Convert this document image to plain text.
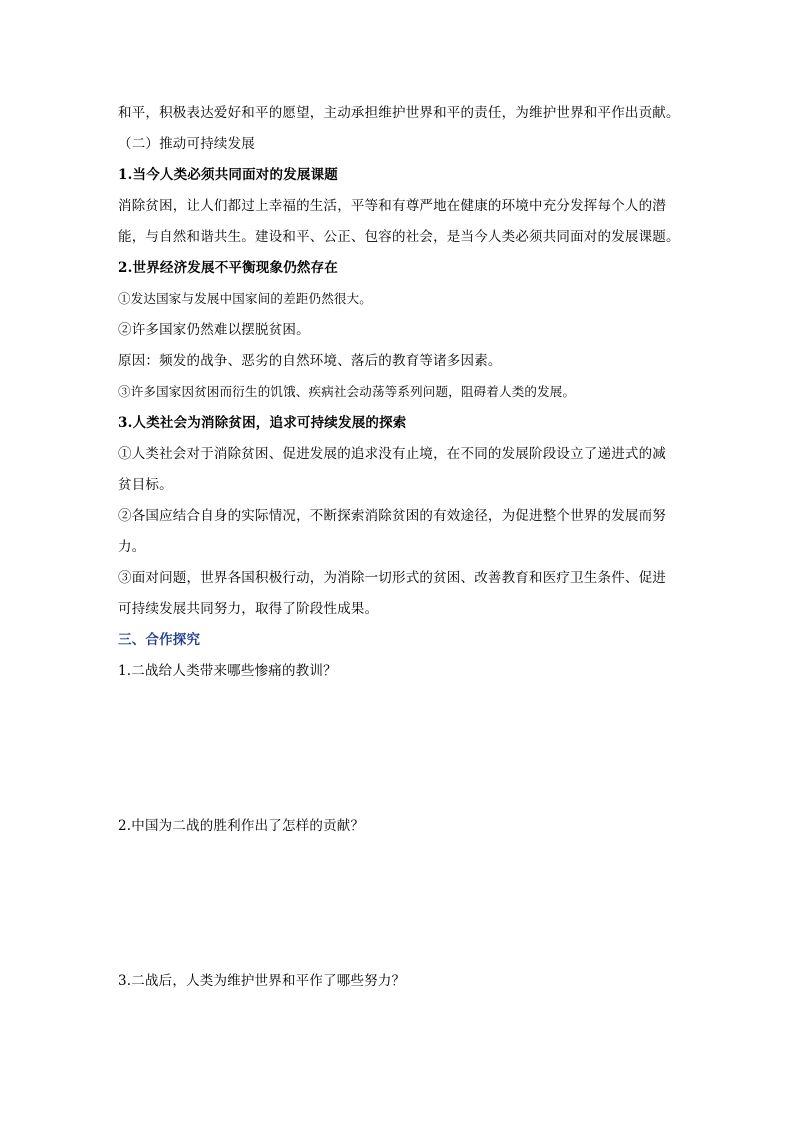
和平，积极表达爱好和平的愿望，主动承担维护世界和平的责任，为维护世界和平作出贡献。
（二）推动可持续发展
1.当今人类必须共同面对的发展课题
消除贫困，让人们都过上幸福的生活，平等和有尊严地在健康的环境中充分发挥每个人的潜
能，与自然和谐共生。建设和平、公正、包容的社会，是当今人类必须共同面对的发展课题。
2.世界经济发展不平衡现象仍然存在
①发达国家与发展中国家间的差距仍然很大。
②许多国家仍然难以摆脱贫困。
原因：频发的战争、恶劣的自然环境、落后的教育等诸多因素。
③许多国家因贫困而衍生的饥饿、疾病社会动荡等系列问题，阻碍着人类的发展。
3.人类社会为消除贫困，追求可持续发展的探索
①人类社会对于消除贫困、促进发展的追求没有止境，在不同的发展阶段设立了递进式的减
贫目标。
②各国应结合自身的实际情况，不断探索消除贫困的有效途径，为促进整个世界的发展而努
力。
③面对问题，世界各国积极行动，为消除一切形式的贫困、改善教育和医疗卫生条件、促进
可持续发展共同努力，取得了阶段性成果。
三、合作探究
1.二战给人类带来哪些惨痛的教训？
2.中国为二战的胜利作出了怎样的贡献？
3.二战后，人类为维护世界和平作了哪些努力？
